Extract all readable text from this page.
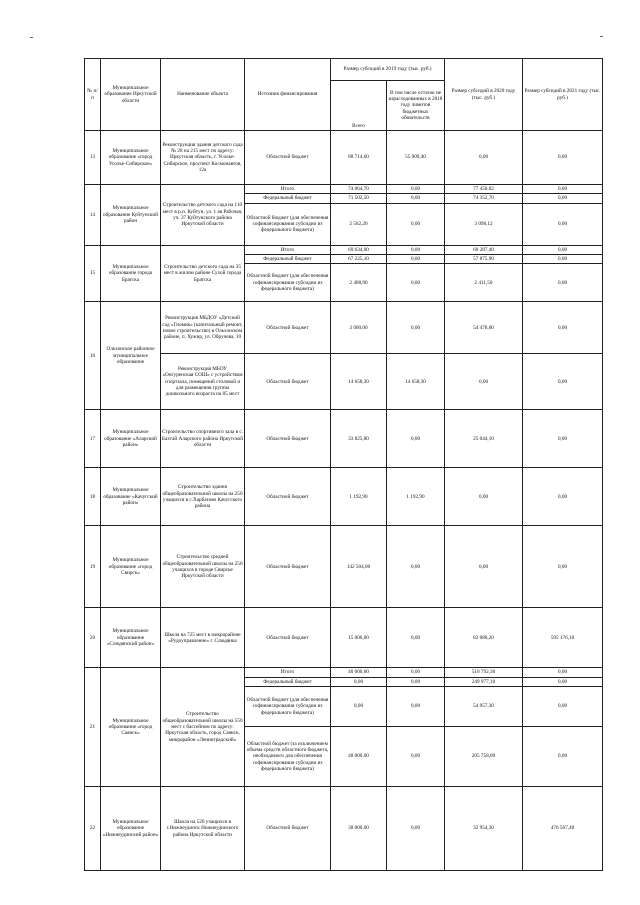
№ п/п	Муниципальное образование Иркутской области	Наименование объекта	Источник финансирования	Размер субсидий в 2019 году (тыс. руб.)		Размер субсидий в 2020 году (тыс. руб.)	Размер субсидий в 2021 году (тыс. руб.)
				Всего	В том числе остаток не израсходованных в 2018 году лимитов бюджетных обязательств		
13	Муниципальное образование «город Усолье-Сибирское»	Реконструкция здания детского сада № 28 на 215 мест по адресу: Иркутская область, г. Усолье-Сибирское, проспект Космонавтов, 12а	Областной бюджет	88 714,60	55 909,40	0,00	0,00
14	Муниципальное образование Куйтунский район	Строительство детского сада на 110 мест в р.п. Куйтун, ул. 1 ая Рабочая, уч. 37 Куйтунского района Иркутской области	Итого	74 064,70	0,00	77 450,82	0,00
			Федеральный бюджет	71 502,50	0,00	74 352,70	0,00
			Областной бюджет (для обеспечения софинансирования субсидии из федерального бюджета)	2 562,20	0,00	3 098,12	0,00
15	Муниципальное образование города Братска	Строительство детского сада на 35 мест в жилом районе Сухой города Братска	Итого	69 634,00	0,00	60 287,40	0,00
			Федеральный бюджет	67 225,10	0,00	57 875,90	0,00
			Областной бюджет (для обеспечения софинансирования субсидии из федерального бюджета)	2 408,90	0,00	2 411,50	0,00
16	Ольхонское районное муниципальное образование	Реконструкция МБДОУ «Детский сад «Гномик» (капитальный ремонт, новое строительство) в Ольхонском районе, п. Хужир, ул. Обручева, 10	Областной бюджет	3 000,00	0,00	54 478,00	0,00
		Реконструкция МБОУ «Онгуренская СОШ» с устройством спортзала, помещений столовой и для размещения группы дошкольного возраста на 85 мест	Областной бюджет	14 658,30	14 658,30	0,00	0,00
17	Муниципальное образование «Аларский район»	Строительство спортивного зала в с. Бахтай Аларского района Иркутской области	Областной бюджет	33 825,80	0,00	25 044,10	0,00
18	Муниципальное образование «Качугский район»	Строительство здания общеобразовательной школы на 250 учащихся в с.Харбатово Качугского района	Областной бюджет	1 192,90	1 192,90	0,00	0,00
19	Муниципальное образование «город Свирск»	Строительство средней общеобразовательной школы на 250 учащихся в городе Свирске Иркутской области	Областной бюджет	142 504,00	0,00	0,00	0,00
20	Муниципальное образование «Слюдянский район»	Школа на 725 мест в микрорайоне «Рудоуправление» г. Слюдянка	Областной бюджет	15 000,00	0,00	82 080,20	595 176,10
21	Муниципальное образование «город Саянск»	Строительство общеобразовательной школы на 550 мест с бассейном по адресу: Иркутская область, город Саянск, микрорайон «Ленинградский»	Итого	40 000,00	0,00	510 792,30	0,00
			Федеральный бюджет	0,00	0,00	249 977,10	0,00
			Областной бюджет (для обеспечения софинансирования субсидии из федерального бюджета)	0,00	0,00	54 057,30	0,00
			Областной бюджет (за исключением объема средств областного бюджета, необходимого для обеспечения софинансирования субсидии из федерального бюджета)	40 000,00	0,00	205 758,00	0,00
22	Муниципальное образование «Нижнеудинский район»	Школа на 520 учащихся в г.Нижнеудинск Нижнеудинского района Иркутской области	Областной бюджет	30 000,00	0,00	32 954,30	476 567,40
